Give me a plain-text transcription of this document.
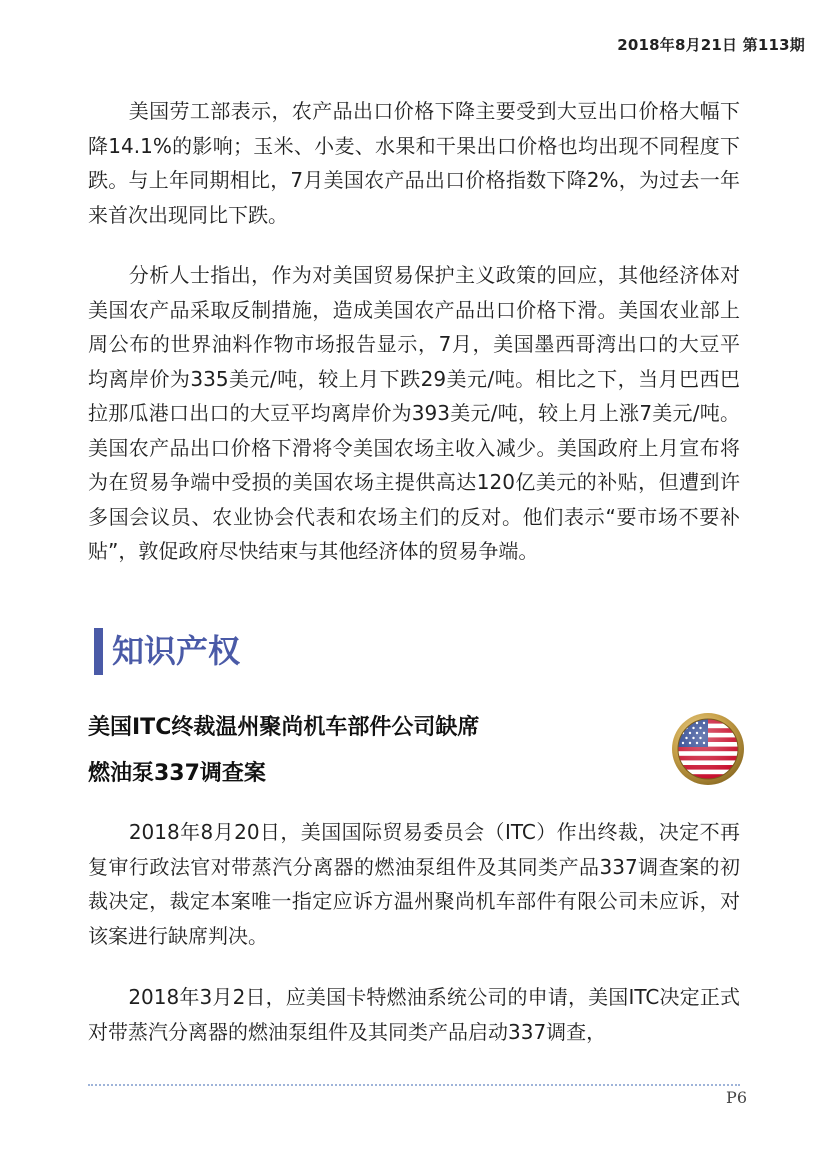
2018年8月21日 第113期

　　美国劳工部表示，农产品出口价格下降主要受到大豆出口价格大幅下降14.1%的影响；玉米、小麦、水果和干果出口价格也均出现不同程度下跌。与上年同期相比，7月美国农产品出口价格指数下降2%，为过去一年来首次出现同比下跌。

　　分析人士指出，作为对美国贸易保护主义政策的回应，其他经济体对美国农产品采取反制措施，造成美国农产品出口价格下滑。美国农业部上周公布的世界油料作物市场报告显示，7月，美国墨西哥湾出口的大豆平均离岸价为335美元/吨，较上月下跌29美元/吨。相比之下，当月巴西巴拉那瓜港口出口的大豆平均离岸价为393美元/吨，较上月上涨7美元/吨。美国农产品出口价格下滑将令美国农场主收入减少。美国政府上月宣布将为在贸易争端中受损的美国农场主提供高达120亿美元的补贴，但遭到许多国会议员、农业协会代表和农场主们的反对。他们表示“要市场不要补贴”，敦促政府尽快结束与其他经济体的贸易争端。

知识产权
美国ITC终裁温州聚尚机车部件公司缺席
燃油泵337调查案

　　2018年8月20日，美国国际贸易委员会（ITC）作出终裁，决定不再复审行政法官对带蒸汽分离器的燃油泵组件及其同类产品337调查案的初裁决定，裁定本案唯一指定应诉方温州聚尚机车部件有限公司未应诉，对该案进行缺席判决。

　　2018年3月2日，应美国卡特燃油系统公司的申请，美国ITC决定正式对带蒸汽分离器的燃油泵组件及其同类产品启动337调查，

P6
